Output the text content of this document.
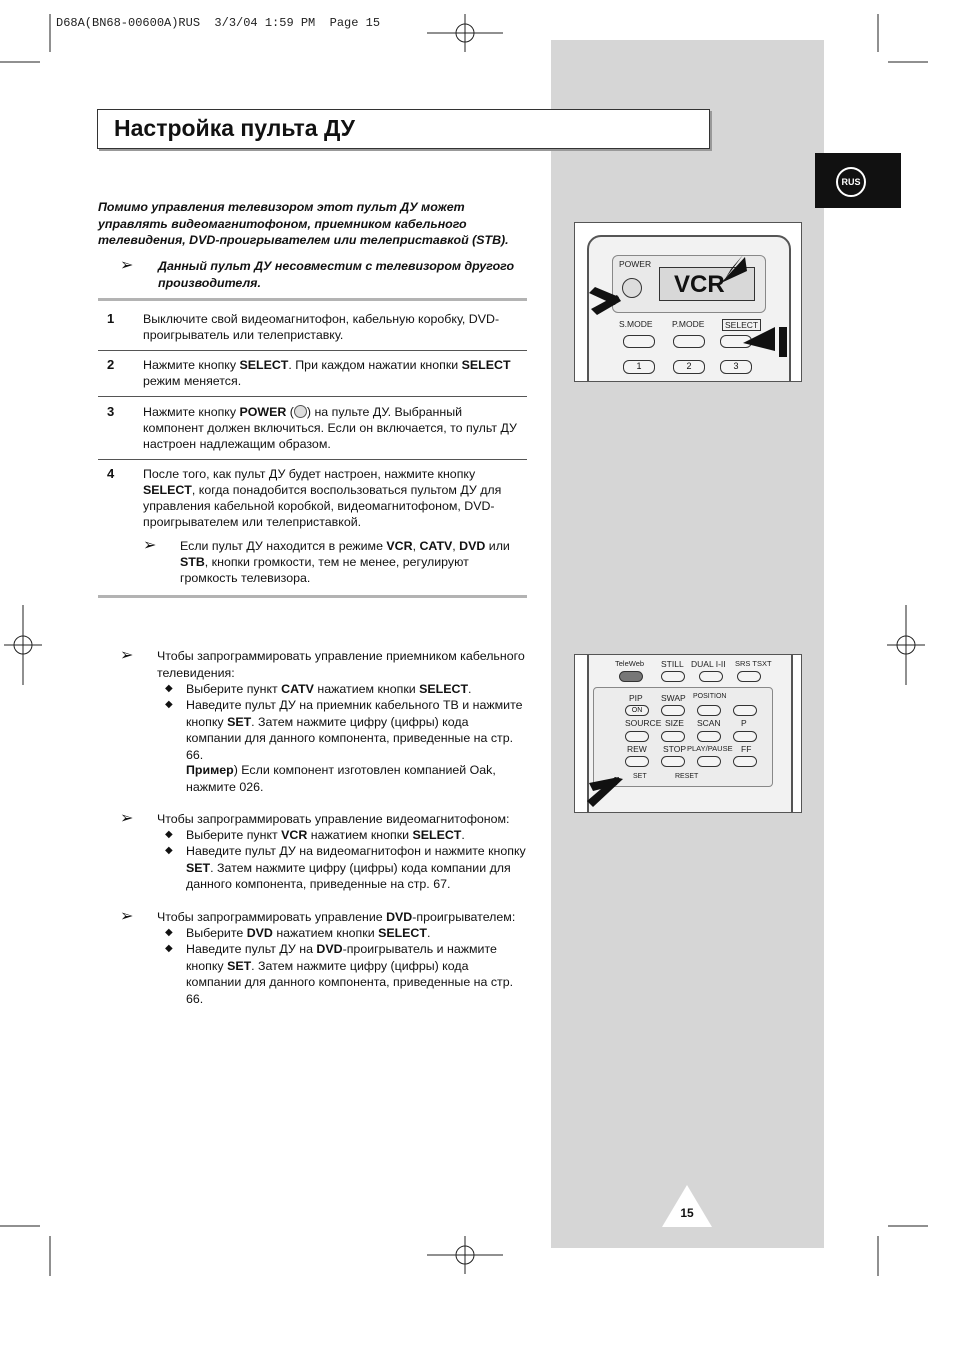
D68A(BN68-00600A)RUS  3/3/04 1:59 PM  Page 15
RUS
Настройка пульта ДУ
Помимо управления телевизором этот пульт ДУ может управлять видеомагнитофоном, приемником кабельного телевидения, DVD-проигрывателем или телеприставкой (STB).
➢ Данный пульт ДУ несовместим с телевизором другого производителя.
1 Выключите свой видеомагнитофон, кабельную коробку, DVD-проигрыватель или телеприставку.
2 Нажмите кнопку SELECT. При каждом нажатии кнопки SELECT режим меняется.
3 Нажмите кнопку POWER ( ) на пульте ДУ. Выбранный компонент должен включиться. Если он включается, то пульт ДУ настроен надлежащим образом.
4 После того, как пульт ДУ будет настроен, нажмите кнопку SELECT, когда понадобится воспользоваться пультом ДУ для управления кабельной коробкой, видеомагнитофоном, DVD-проигрывателем или телеприставкой.
➢ Если пульт ДУ находится в режиме VCR, CATV, DVD или STB, кнопки громкости, тем не менее, регулируют громкость телевизора.
➢ Чтобы запрограммировать управление приемником кабельного телевидения:
◆	Выберите пункт CATV нажатием кнопки SELECT.
◆	Наведите пульт ДУ на приемник кабельного ТВ и нажмите кнопку SET. Затем нажмите цифру (цифры) кода компании для данного компонента, приведенные на стр. 66.
Пример) Если компонент изготовлен компанией Oak, нажмите 026.
➢ Чтобы запрограммировать управление видеомагнитофоном:
◆	Выберите пункт VCR нажатием кнопки SELECT.
◆	Наведите пульт ДУ на видеомагнитофон и нажмите кнопку SET. Затем нажмите цифру (цифры) кода компании для данного компонента, приведенные на стр. 67.
➢ Чтобы запрограммировать управление DVD-проигрывателем:
◆	Выберите DVD нажатием кнопки SELECT.
◆	Наведите пульт ДУ на DVD-проигрыватель и нажмите кнопку SET. Затем нажмите цифру (цифры) кода компании для данного компонента, приведенные на стр. 66.
POWER
VCR
S.MODE P.MODE	SELECT
1	2	3
TeleWeb STILL DUAL I-II SRS TSXT
PIP SWAP POSITION
ON
SOURCE SIZE SCAN P
REW STOP PLAY/PAUSE FF
SET	RESET
15
